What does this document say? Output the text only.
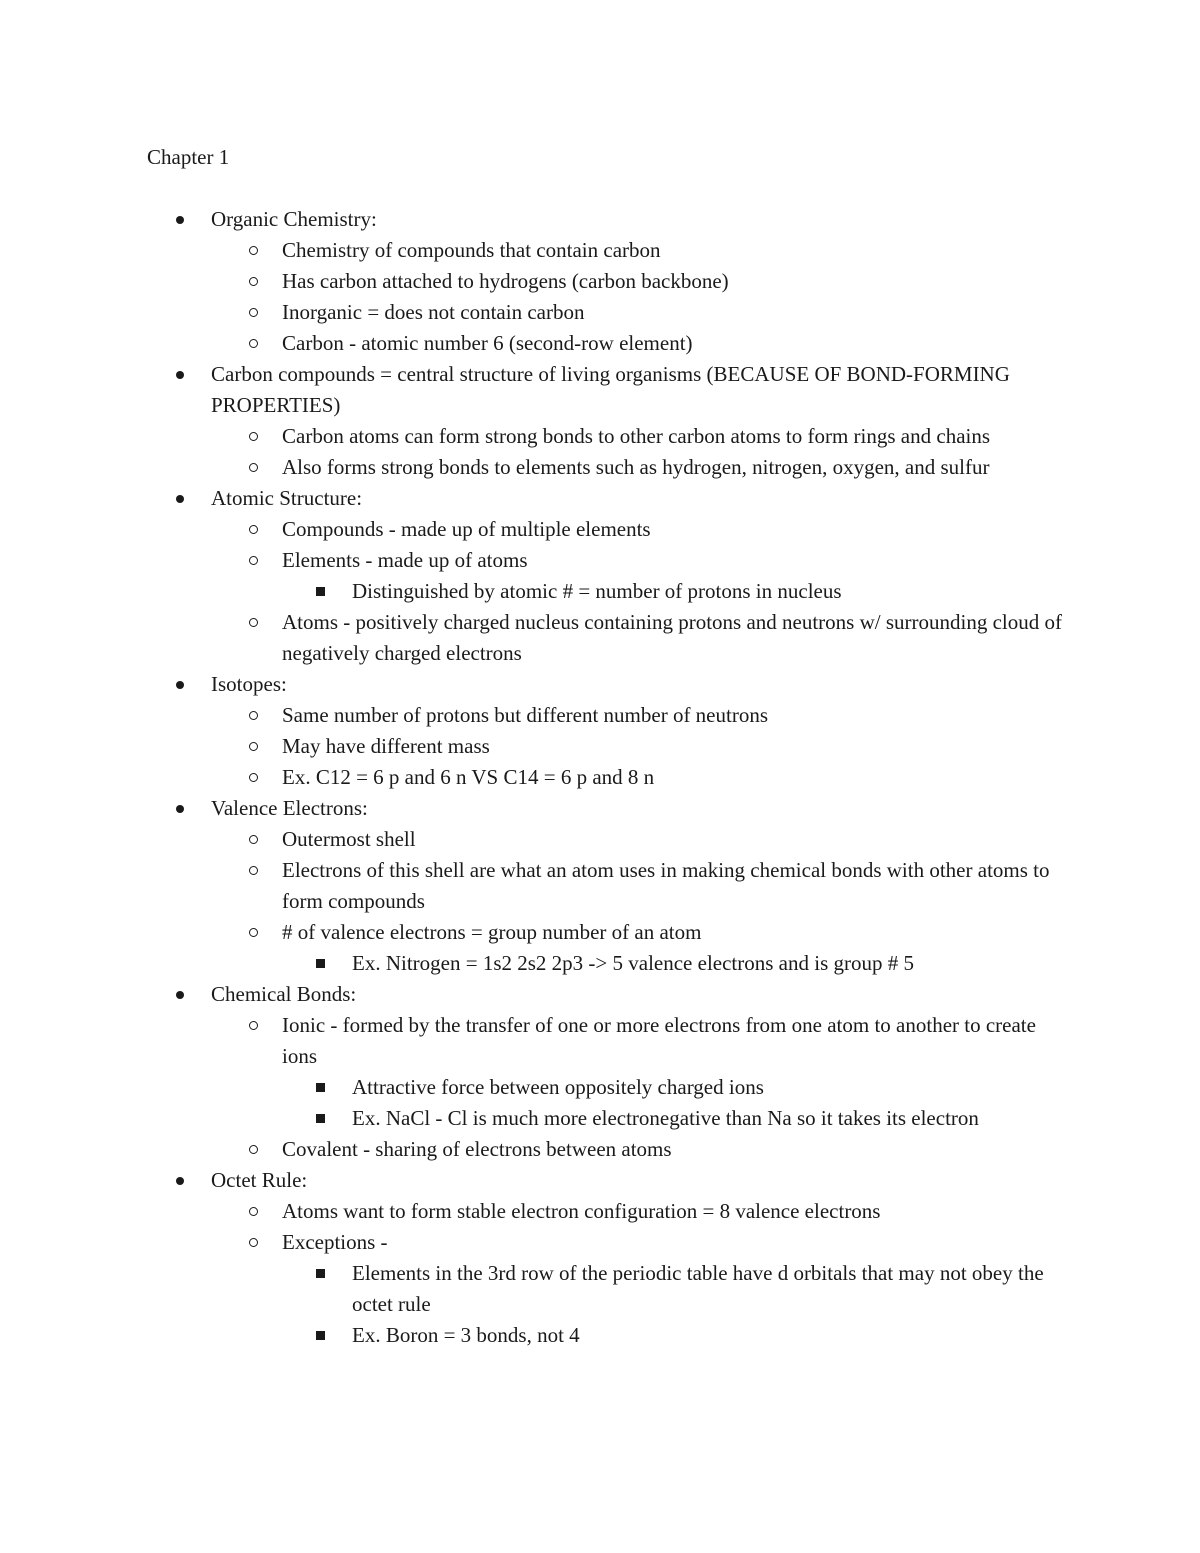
Chapter 1
Organic Chemistry:
Chemistry of compounds that contain carbon
Has carbon attached to hydrogens (carbon backbone)
Inorganic = does not contain carbon
Carbon - atomic number 6 (second-row element)
Carbon compounds = central structure of living organisms (BECAUSE OF BOND-FORMING PROPERTIES)
Carbon atoms can form strong bonds to other carbon atoms to form rings and chains
Also forms strong bonds to elements such as hydrogen, nitrogen, oxygen, and sulfur
Atomic Structure:
Compounds - made up of multiple elements
Elements - made up of atoms
Distinguished by atomic # = number of protons in nucleus
Atoms - positively charged nucleus containing protons and neutrons w/ surrounding cloud of negatively charged electrons
Isotopes:
Same number of protons but different number of neutrons
May have different mass
Ex. C12 = 6 p and 6 n VS C14 = 6 p and 8 n
Valence Electrons:
Outermost shell
Electrons of this shell are what an atom uses in making chemical bonds with other atoms to form compounds
# of valence electrons = group number of an atom
Ex. Nitrogen = 1s2 2s2 2p3 -> 5 valence electrons and is group # 5
Chemical Bonds:
Ionic - formed by the transfer of one or more electrons from one atom to another to create ions
Attractive force between oppositely charged ions
Ex. NaCl - Cl is much more electronegative than Na so it takes its electron
Covalent - sharing of electrons between atoms
Octet Rule:
Atoms want to form stable electron configuration = 8 valence electrons
Exceptions -
Elements in the 3rd row of the periodic table have d orbitals that may not obey the octet rule
Ex. Boron = 3 bonds, not 4
